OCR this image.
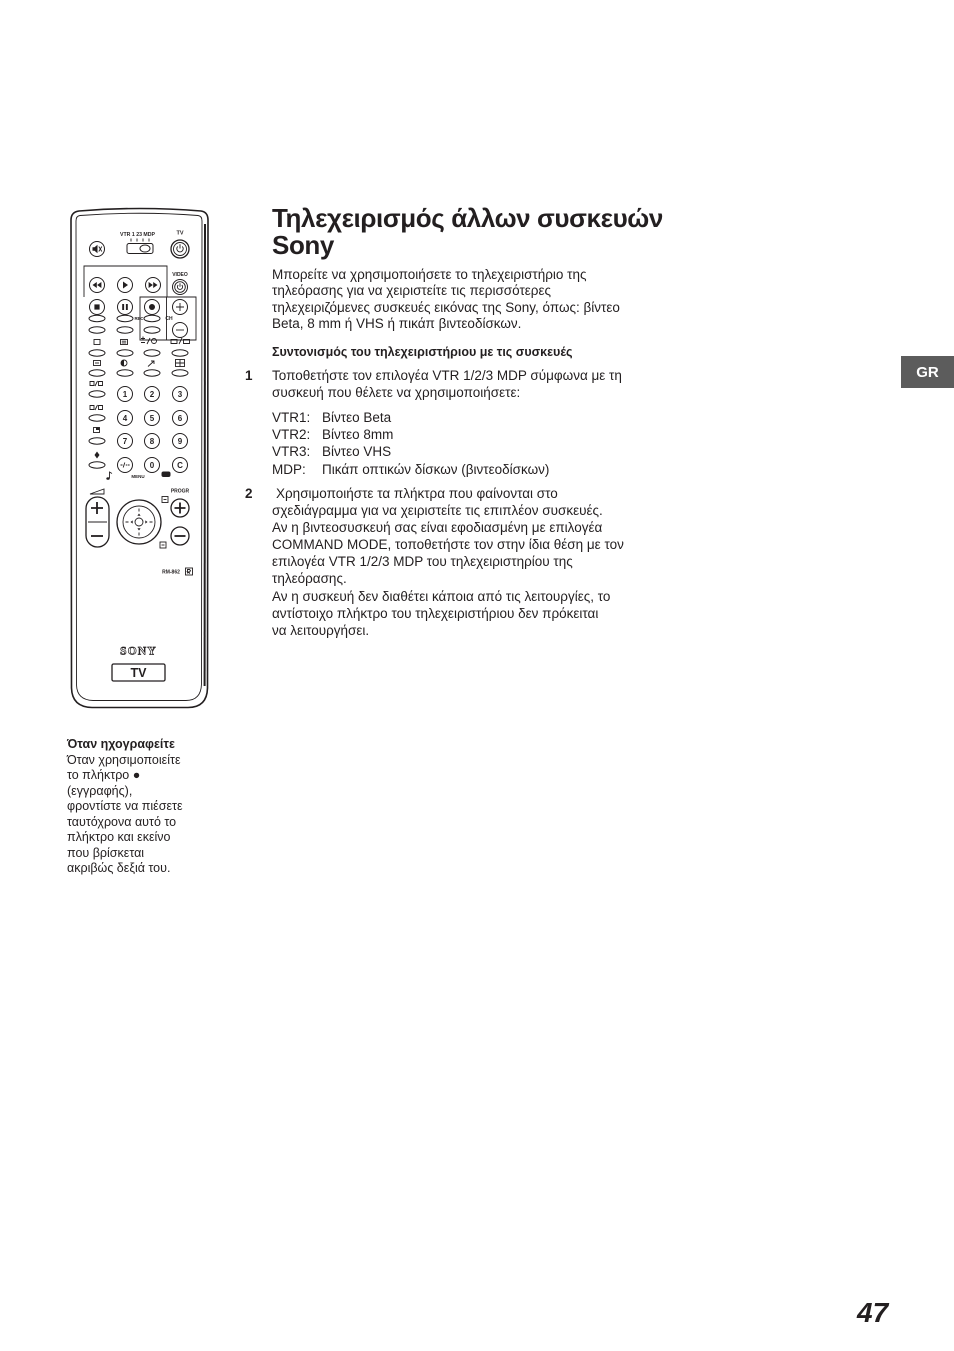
VTR 1 23 MDP	TV
VIDEO
REC	CH
1	2	3
4	5	6
7	8	9
0	C
MENU
PROGR
RM-862
SONY
TV
Τηλεχειρισμός άλλων συσκευών
Sony
Μπορείτε να χρησιμοποιήσετε το τηλεχειριστήριο της
τηλεόρασης για να χειριστείτε τις περισσότερες
τηλεχειριζόμενες συσκευές εικόνας της Sony, όπως: βίντεο
Beta, 8 mm ή VHS ή πικάπ βιντεοδίσκων.
Συντονισμός του τηλεχειριστήριου με τις συσκευές
1 Τοποθετήστε τον επιλογέα VTR 1/2/3 MDP σύμφωνα με τη
συσκευή που θέλετε να χρησιμοποιήσετε:
VTR1: Βίντεο Beta
VTR2: Βίντεο 8mm
VTR3: Βίντεο VHS
MDP:	Πικάπ οπτικών δίσκων (βιντεοδίσκων)
2 Χρησιμοποιήστε τα πλήκτρα που φαίνονται στο
σχεδιάγραμμα για να χειριστείτε τις επιπλέον συσκευές.
Αν η βιντεοσυσκευή σας είναι εφοδιασμένη με επιλογέα
COMMAND MODE, τοποθετήστε τον στην ίδια θέση με τον
επιλογέα VTR 1/2/3 MDP του τηλεχειριστηρίου της
τηλεόρασης.
Αν η συσκευή δεν διαθέτει κάποια από τις λειτουργίες, το
αντίστοιχο πλήκτρο του τηλεχειριστήριου δεν πρόκειται
να λειτουργήσει.
Όταν ηχογραφείτε
Όταν χρησιμοποιείτε
το πλήκτρο ●
(εγγραφής),
φροντίστε να πιέσετε
ταυτόχρονα αυτό το
πλήκτρο και εκείνο
που βρίσκεται
ακριβώς δεξιά του.
GR
47
